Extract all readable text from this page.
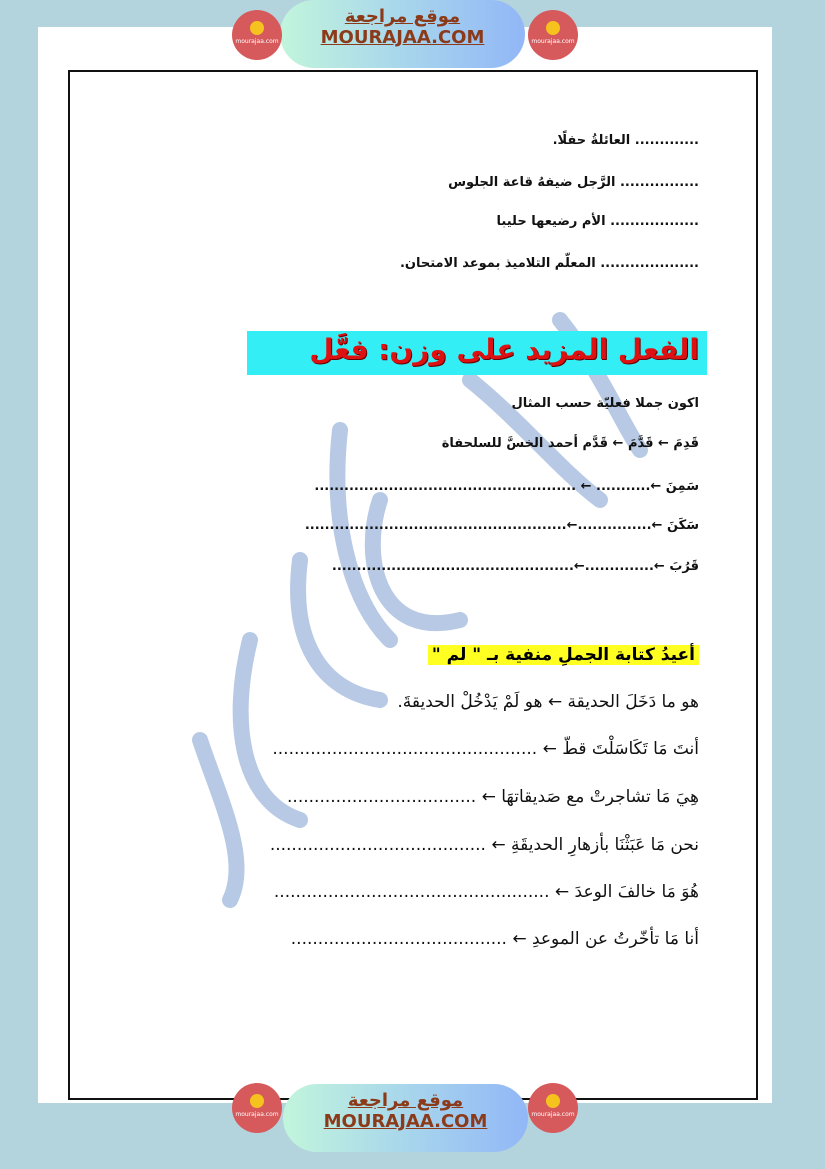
موقع مراجعة
MOURAJAA.COM
mourajaa.com	mourajaa.com
............. العائلةُ حفلًا.
................ الرَّجل ضيفهُ قاعة الجلوس
.................. الأم رضيعها حليبا
.................... المعلّم التلاميذ بموعد الامتحان.
الفعل المزيد على وزن: فعَّل
اكون جملا فعليّة حسب المثال
قَدِمَ ← قَدَّمَ ← قَدَّم أحمد الخسَّ للسلحفاة
سَمِنَ ←........... ← .....................................................
سَكَنَ ←...............←.....................................................
قَرُبَ ←..............←.................................................
أعيدُ كتابة الجملِ منفية بـ " لم "
هو ما دَخَلَ الحديقة ← هو لَمْ يَدْخُلْ الحديقةَ.
أنتَ مَا تَكَاسَلْتَ قطّ ← .................................................
هِيَ مَا تشاجرتْ مع صَديقاتهَا ← ...................................
نحن مَا عَبَثْنَا بأزهارِ الحديقَةِ ← ........................................
هُوَ مَا خالفَ الوعدَ ← ...................................................
أنا مَا تأخّرتُ عن الموعدِ ← ........................................
موقع مراجعة
MOURAJAA.COM
mourajaa.com	mourajaa.com
